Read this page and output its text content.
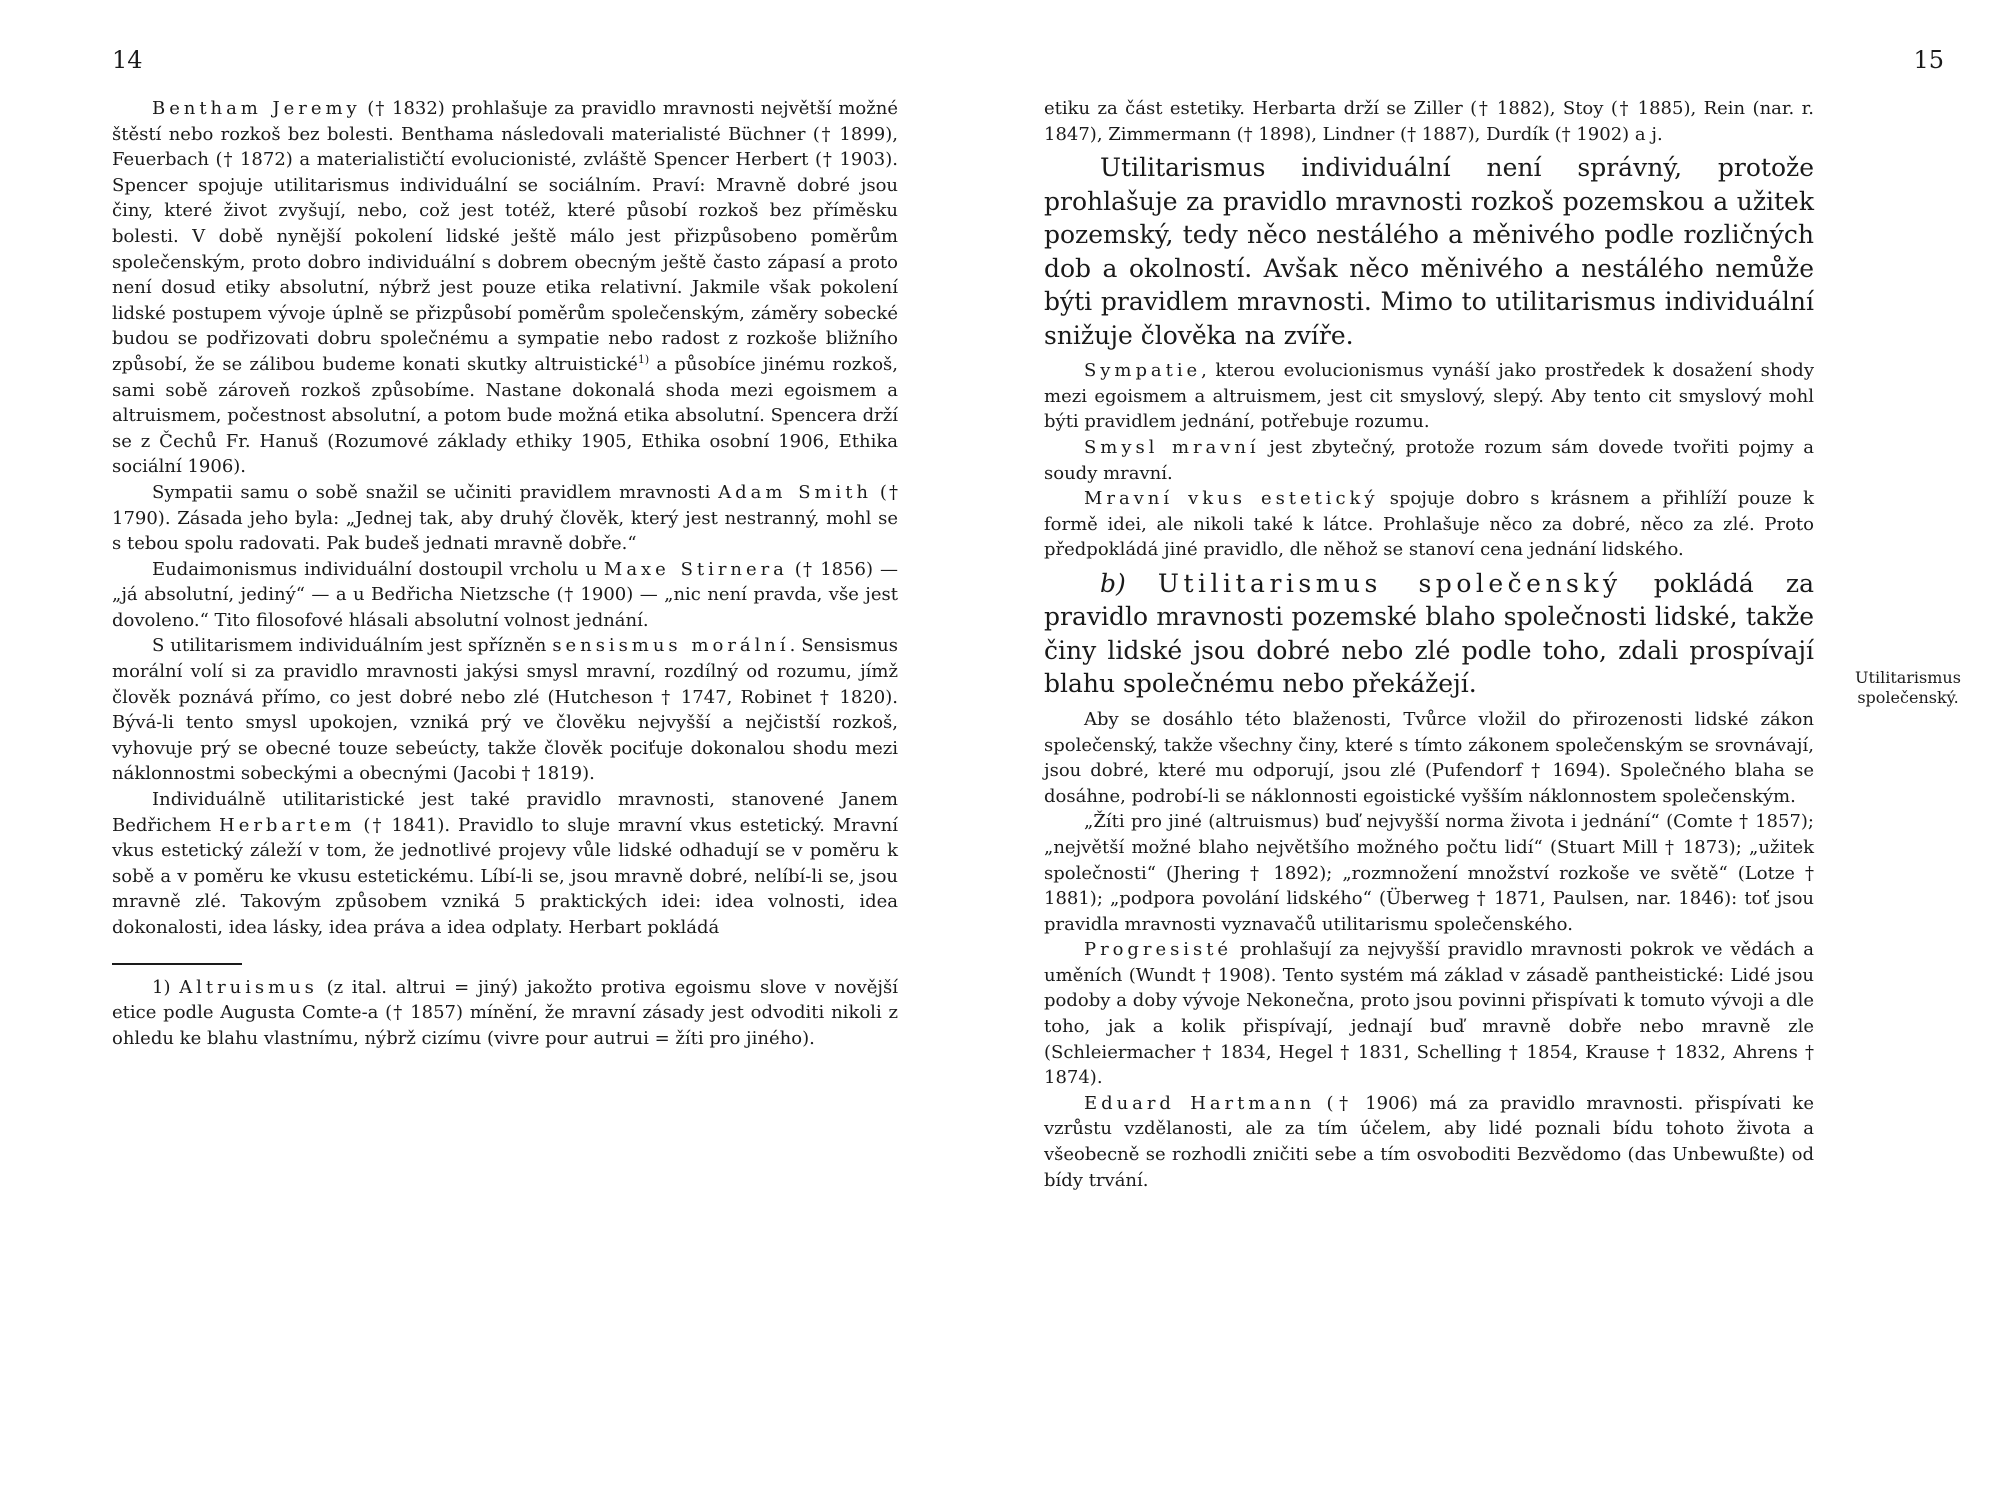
14

Bentham Jeremy († 1832) prohlašuje za pravidlo mravnosti největší možné štěstí nebo rozkoš bez bolesti. Benthama následovali materialisté Büchner († 1899), Feuerbach († 1872) a materialističtí evolucionisté, zvláště Spencer Herbert († 1903). Spencer spojuje utilitarismus individuální se sociálním. Praví: Mravně dobré jsou činy, které život zvyšují, nebo, což jest totéž, které působí rozkoš bez příměsku bolesti. V době nynější pokolení lidské ještě málo jest přizpůsobeno poměrům společenským, proto dobro individuální s dobrem obecným ještě často zápasí a proto není dosud etiky absolutní, nýbrž jest pouze etika relativní. Jakmile však pokolení lidské postupem vývoje úplně se přizpůsobí poměrům společenským, záměry sobecké budou se podřizovati dobru společnému a sympatie nebo radost z rozkoše bližního způsobí, že se zálibou budeme konati skutky altruistické$^{1)}$ a působíce jinému rozkoš, sami sobě zároveň rozkoš způsobíme. Nastane dokonalá shoda mezi egoismem a altruismem, počestnost absolutní, a potom bude možná etika absolutní. Spencera drží se z Čechů Fr. Hanuš (Rozumové základy ethiky 1905, Ethika osobní 1906, Ethika sociální 1906).

Sympatii samu o sobě snažil se učiniti pravidlem mravnosti Adam Smith († 1790). Zásada jeho byla: „Jednej tak, aby druhý člověk, který jest nestranný, mohl se s tebou spolu radovati. Pak budeš jednati mravně dobře.“

Eudaimonismus individuální dostoupil vrcholu u Maxe Stirnera († 1856) — „já absolutní, jediný“ — a u Bedřicha Nietzsche († 1900) — „nic není pravda, vše jest dovoleno.“ Tito filosofové hlásali absolutní volnost jednání.

S utilitarismem individuálním jest spřízněn sensismus morální. Sensismus morální volí si za pravidlo mravnosti jakýsi smysl mravní, rozdílný od rozumu, jímž člověk poznává přímo, co jest dobré nebo zlé (Hutcheson † 1747, Robinet † 1820). Bývá-li tento smysl upokojen, vzniká prý ve člověku nejvyšší a nejčistší rozkoš, vyhovuje prý se obecné touze sebeúcty, takže člověk pociťuje dokonalou shodu mezi náklonnostmi sobeckými a obecnými (Jacobi † 1819).

Individuálně utilitaristické jest také pravidlo mravnosti, stanovené Janem Bedřichem Herbartem († 1841). Pravidlo to sluje mravní vkus estetický. Mravní vkus estetický záleží v tom, že jednotlivé projevy vůle lidské odhadují se v poměru k sobě a v poměru ke vkusu estetickému. Líbí-li se, jsou mravně dobré, nelíbí-li se, jsou mravně zlé. Takovým způsobem vzniká 5 praktických idei: idea volnosti, idea dokonalosti, idea lásky, idea práva a idea odplaty. Herbart pokládá

1) Altruismus (z ital. altrui = jiný) jakožto protiva egoismu slove v novější etice podle Augusta Comte-a († 1857) mínění, že mravní zásady jest odvoditi nikoli z ohledu ke blahu vlastnímu, nýbrž cizímu (vivre pour autrui = žíti pro jiného).

15

etiku za část estetiky. Herbarta drží se Ziller († 1882), Stoy († 1885), Rein (nar. r. 1847), Zimmermann († 1898), Lindner († 1887), Durdík († 1902) a j.

Utilitarismus individuální není správný, protože prohlašuje za pravidlo mravnosti rozkoš pozemskou a užitek pozemský, tedy něco nestálého a měnivého podle rozličných dob a okolností. Avšak něco měnivého a nestálého nemůže býti pravidlem mravnosti. Mimo to utilitarismus individuální snižuje člověka na zvíře.

Sympatie, kterou evolucionismus vynáší jako prostředek k dosažení shody mezi egoismem a altruismem, jest cit smyslový, slepý. Aby tento cit smyslový mohl býti pravidlem jednání, potřebuje rozumu.

Smysl mravní jest zbytečný, protože rozum sám dovede tvořiti pojmy a soudy mravní.

Mravní vkus estetický spojuje dobro s krásnem a přihlíží pouze k formě idei, ale nikoli také k látce. Prohlašuje něco za dobré, něco za zlé. Proto předpokládá jiné pravidlo, dle něhož se stanoví cena jednání lidského.

b) Utilitarismus společenský pokládá za pravidlo mravnosti pozemské blaho společnosti lidské, takže činy lidské jsou dobré nebo zlé podle toho, zdali prospívají blahu společnému nebo překážejí.

Aby se dosáhlo této blaženosti, Tvůrce vložil do přirozenosti lidské zákon společenský, takže všechny činy, které s tímto zákonem společenským se srovnávají, jsou dobré, které mu odporují, jsou zlé (Pufendorf † 1694). Společného blaha se dosáhne, podrobí-li se náklonnosti egoistické vyšším náklonnostem společenským.

„Žíti pro jiné (altruismus) buď nejvyšší norma života i jednání“ (Comte † 1857); „největší možné blaho největšího možného počtu lidí“ (Stuart Mill † 1873); „užitek společnosti“ (Jhering † 1892); „rozmnožení množství rozkoše ve světě“ (Lotze † 1881); „podpora povolání lidského“ (Überweg † 1871, Paulsen, nar. 1846): toť jsou pravidla mravnosti vyznavačů utilitarismu společenského.

Progresisté prohlašují za nejvyšší pravidlo mravnosti pokrok ve vědách a uměních (Wundt † 1908). Tento systém má základ v zásadě pantheistické: Lidé jsou podoby a doby vývoje Nekonečna, proto jsou povinni přispívati k tomuto vývoji a dle toho, jak a kolik přispívají, jednají buď mravně dobře nebo mravně zle (Schleiermacher † 1834, Hegel † 1831, Schelling † 1854, Krause † 1832, Ahrens † 1874).

Eduard Hartmann († 1906) má za pravidlo mravnosti. přispívati ke vzrůstu vzdělanosti, ale za tím účelem, aby lidé poznali bídu tohoto života a všeobecně se rozhodli zničiti sebe a tím osvoboditi Bezvědomo (das Unbewußte) od bídy trvání.

Utilitarismus společenský.
